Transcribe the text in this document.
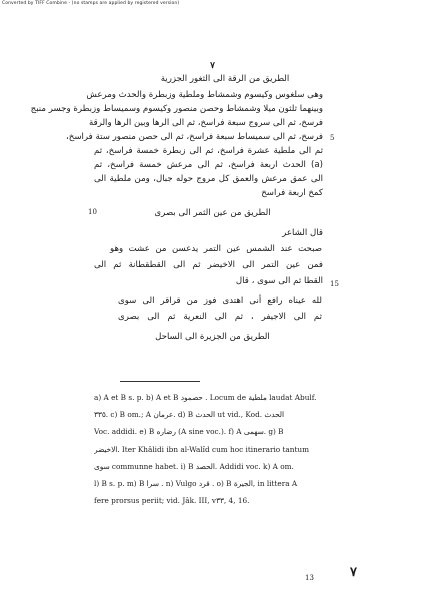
Converted by TIFF Combine - (no stamps are applied by registered version)
٧
الطريق من الرقة الى الثغور الجزرية
وهى سلغوس وكيسوم وشمشاط وملطية وزبطرة والحدث ومرعش
وبينهما ثلثون ميلا وشمشاط وحصن منصور وكيسوم وسميساط وزبطرة وجسر منبج
فرسخ، ثم الى سروج سبعة فراسخ، ثم الى الرها وبين الرها والرقة
فرسخ، ثم الى سميساط سبعة فراسخ، ثم الى حصن منصور ستة فراسخ،
ثم الى ملطية عشرة فراسخ، ثم الى زبطرة خمسة فراسخ، ثم
(a) الحدث اربعة فراسخ، ثم الى مرعش خمسة فراسخ، ثم
الى عمق مرعش والعمق كل مروج حوله جبال، ومن ملطية الى
كمخ اربعة فراسخ
5
10	الطريق من عين الثمر الى بصرى
قال الشاعر
صبحت عند الشمس عين التمر يدعسن من عشت وهو
فمن عين التمر الى الاخيضر ثم الى القطقطانة ثم الى
القطا ثم الى سوى ، قال 15
لله عيناه رافع أنى اهتدى فوز من قراقر الى سوى
ثم الى الاجيفر ، ثم الى النعرية ثم الى بصرى
الطريق من الجزيرة الى الساحل
a) A et B s. p. b) A et B حصمود . Locum de ملطية laudat Abulf.
٣٣٥. c) B om.; A عرمان. d) B الحدث ut vid., Kod. الحدث
Voc. addidi. e) B رضاره (A sine voc.). f) A سهمى. g) B
الاخيضر. Iter Khâlidi ibn al-Walîd cum hoc itinerario tantum
سوى communne habet. i) B الحصد. Addidi voc. k) A om.
l) B s. p. m) B سرا . n) Vulgo قرد . o) B الجيرة, in littera A
fere prorsus periit; vid. Jâk. III, v٣٣, 4, 16.
13	٧
